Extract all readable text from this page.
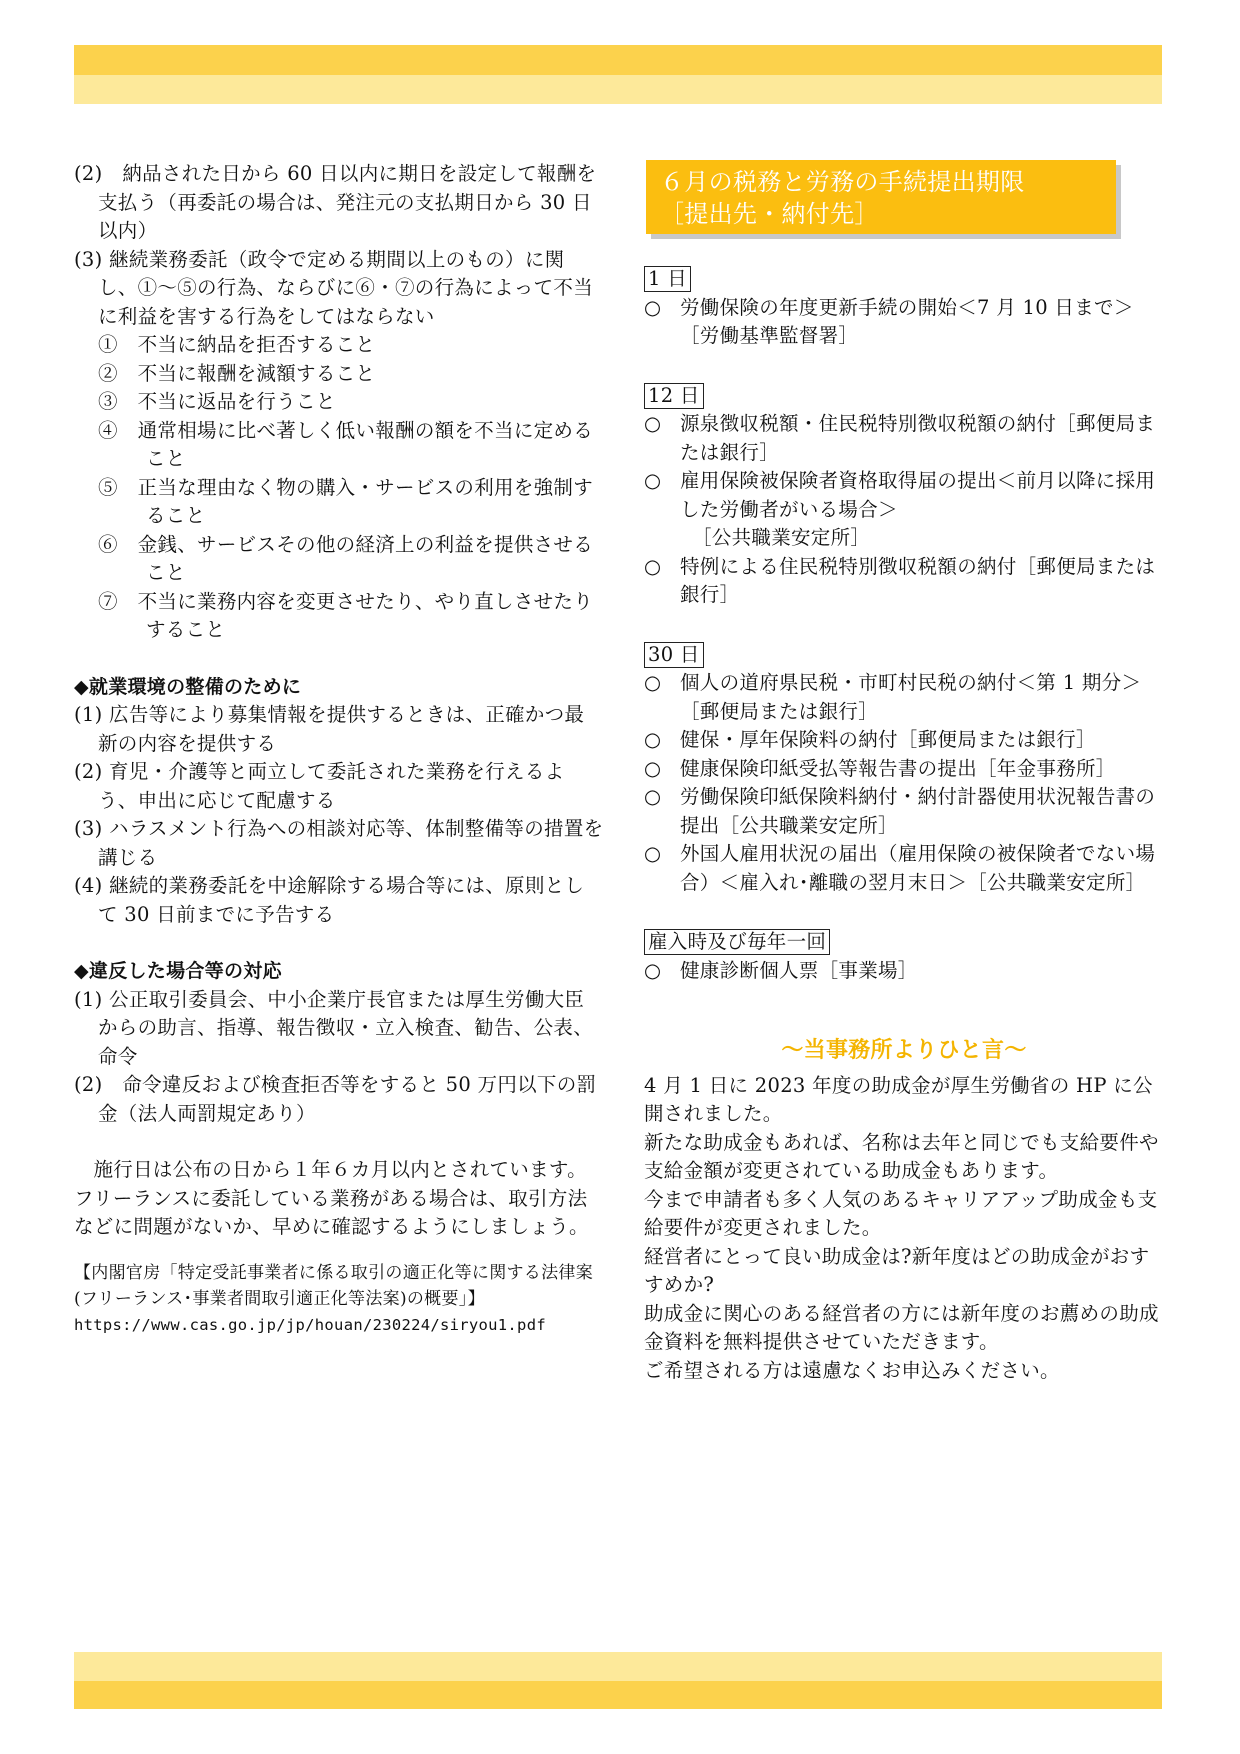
(2)　納品された日から 60 日以内に期日を設定して報酬を支払う（再委託の場合は、発注元の支払期日から 30 日以内）
(3) 継続業務委託（政令で定める期間以上のもの）に関し、①～⑤の行為、ならびに⑥・⑦の行為によって不当に利益を害する行為をしてはならない
①　 不当に納品を拒否すること
②　 不当に報酬を減額すること
③　 不当に返品を行うこと
④　 通常相場に比べ著しく低い報酬の額を不当に定めること
⑤　 正当な理由なく物の購入・サービスの利用を強制すること
⑥　 金銭、サービスその他の経済上の利益を提供させること
⑦　 不当に業務内容を変更させたり、やり直しさせたりすること
◆就業環境の整備のために
(1) 広告等により募集情報を提供するときは、正確かつ最新の内容を提供する
(2) 育児・介護等と両立して委託された業務を行えるよう、申出に応じて配慮する
(3) ハラスメント行為への相談対応等、体制整備等の措置を講じる
(4) 継続的業務委託を中途解除する場合等には、原則として 30 日前までに予告する
◆違反した場合等の対応
(1) 公正取引委員会、中小企業庁長官または厚生労働大臣からの助言、指導、報告徴収・立入検査、勧告、公表、命令
(2)　命令違反および検査拒否等をすると 50 万円以下の罰金（法人両罰規定あり）
施行日は公布の日から１年６カ月以内とされています。フリーランスに委託している業務がある場合は、取引方法などに問題がないか、早めに確認するようにしましょう。
【内閣官房「特定受託事業者に係る取引の適正化等に関する法律案(フリーランス･事業者間取引適正化等法案)の概要」】
https://www.cas.go.jp/jp/houan/230224/siryou1.pdf
６月の税務と労務の手続提出期限
［提出先・納付先］
1 日
○ 労働保険の年度更新手続の開始＜7 月 10 日まで＞
［労働基準監督署］
12 日
○ 源泉徴収税額・住民税特別徴収税額の納付［郵便局または銀行］
○ 雇用保険被保険者資格取得届の提出＜前月以降に採用した労働者がいる場合＞
［公共職業安定所］
○ 特例による住民税特別徴収税額の納付［郵便局または銀行］
30 日
○ 個人の道府県民税・市町村民税の納付＜第 1 期分＞［郵便局または銀行］
○ 健保・厚年保険料の納付［郵便局または銀行］
○ 健康保険印紙受払等報告書の提出［年金事務所］
○ 労働保険印紙保険料納付・納付計器使用状況報告書の提出［公共職業安定所］
○ 外国人雇用状況の届出（雇用保険の被保険者でない場合）＜雇入れ･離職の翌月末日＞［公共職業安定所］
雇入時及び毎年一回
○ 健康診断個人票［事業場］
～当事務所よりひと言～
4 月 1 日に 2023 年度の助成金が厚生労働省の HP に公開されました。
新たな助成金もあれば、名称は去年と同じでも支給要件や支給金額が変更されている助成金もあります。
今まで申請者も多く人気のあるキャリアアップ助成金も支給要件が変更されました。
経営者にとって良い助成金は?新年度はどの助成金がおすすめか?
助成金に関心のある経営者の方には新年度のお薦めの助成金資料を無料提供させていただきます。
ご希望される方は遠慮なくお申込みください。
